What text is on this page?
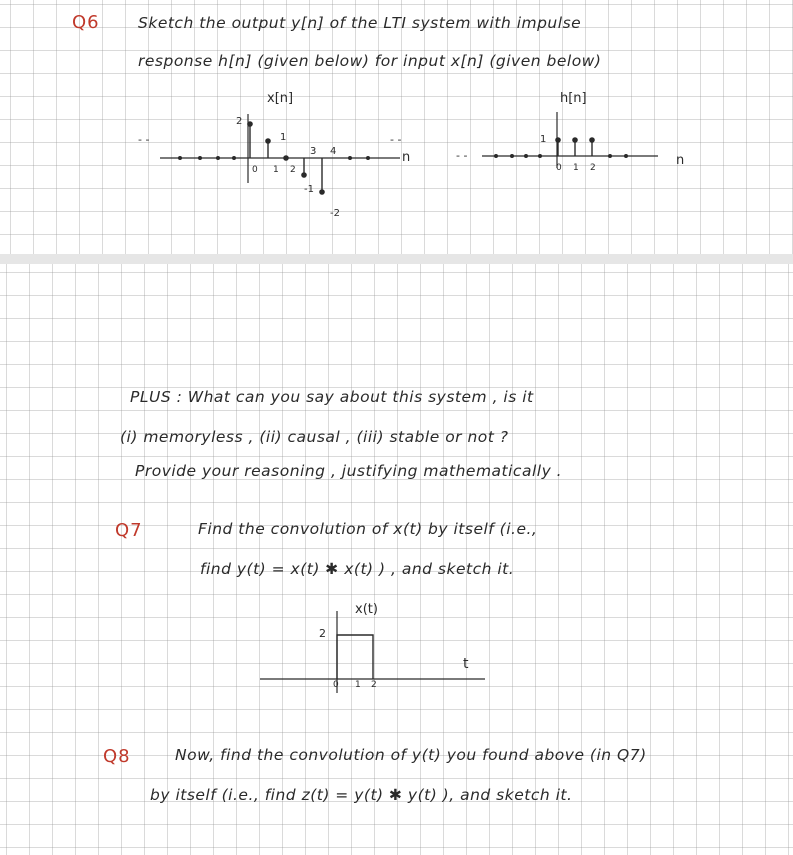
Q6 Sketch the output y[n] of the LTI system with impulse
response h[n] (given below) for input x[n] (given below)
x[n]
- -	- -
2
1
3 4
-1
-2
0 1 2
n
h[n]
- -	- -
1
0 1 2	n
PLUS : What can you say about this system , is it
(i) memoryless , (ii) causal , (iii) stable or not ?
Provide your reasoning , justifying mathematically .
Q7	Find the convolution of x(t) by itself (i.e.,
find y(t) = x(t) ✱ x(t) ) , and sketch it.
x(t)
2
0 1 2
t
Q8	Now, find the convolution of y(t) you found above (in Q7)
by itself (i.e., find z(t) = y(t) ✱ y(t) ), and sketch it.
